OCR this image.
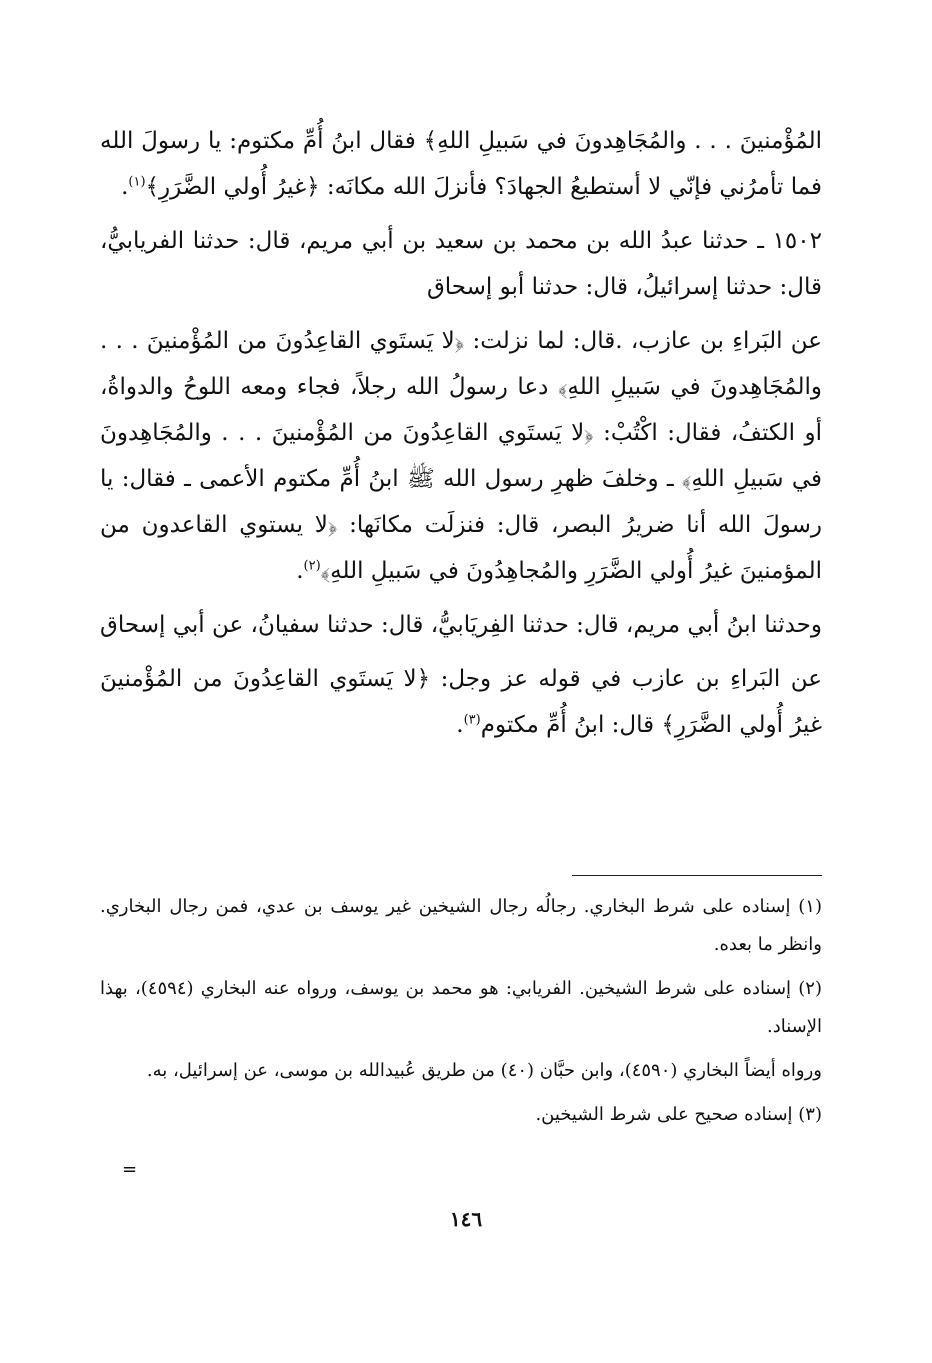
المُؤْمنينَ . . . والمُجَاهِدونَ في سَبيلِ اللهِ﴾ فقال ابنُ أُمِّ مكتوم: يا رسولَ الله فما تأمرُني فإنّي لا أستطيعُ الجهادَ؟ فأنزلَ الله مكانَه: ﴿غيرُ أُولي الضَّرَرِ﴾$^{(١)}$.

١٥٠٢ ـ حدثنا عبدُ الله بن محمد بن سعيد بن أبي مريم، قال: حدثنا الفريابيُّ، قال: حدثنا إسرائيلُ، قال: حدثنا أبو إسحاق

عن البَراءِ بن عازب، .قال: لما نزلت: ﴿لا يَستَوي القاعِدُونَ من المُؤْمنينَ . . . والمُجَاهِدونَ في سَبيلِ اللهِ﴾ دعا رسولُ الله رجلاً، فجاء ومعه اللوحُ والدواةُ، أو الكتفُ، فقال: اكْتُبْ: ﴿لا يَستَوي القاعِدُونَ من المُؤْمنينَ . . . والمُجَاهِدونَ في سَبيلِ اللهِ﴾ ـ وخلفَ ظهرِ رسول الله ﷺ ابنُ أُمِّ مكتوم الأعمى ـ فقال: يا رسولَ الله أنا ضريرُ البصر، قال: فنزلَت مكانَها: ﴿لا يستوي القاعدون من المؤمنينَ غيرُ أُولي الضَّرَرِ والمُجاهِدُونَ في سَبيلِ اللهِ﴾$^{(٢)}$.

وحدثنا ابنُ أبي مريم، قال: حدثنا الفِريَابيُّ، قال: حدثنا سفيانُ، عن أبي إسحاق

عن البَراءِ بن عازب في قوله عز وجل: ﴿لا يَستَوي القاعِدُونَ من المُؤْمنينَ غيرُ أُولي الضَّرَرِ﴾ قال: ابنُ أُمِّ مكتوم$^{(٣)}$.

(١) إسناده على شرط البخاري. رجالُه رجال الشيخين غير يوسف بن عدي، فمن رجال البخاري. وانظر ما بعده.

(٢) إسناده على شرط الشيخين. الفريابي: هو محمد بن يوسف، ورواه عنه البخاري (٤٥٩٤)، بهذا الإسناد.

ورواه أيضاً البخاري (٤٥٩٠)، وابن حبَّان (٤٠) من طريق عُبيدالله بن موسى، عن إسرائيل، به.

(٣) إسناده صحيح على شرط الشيخين.

=
١٤٦
